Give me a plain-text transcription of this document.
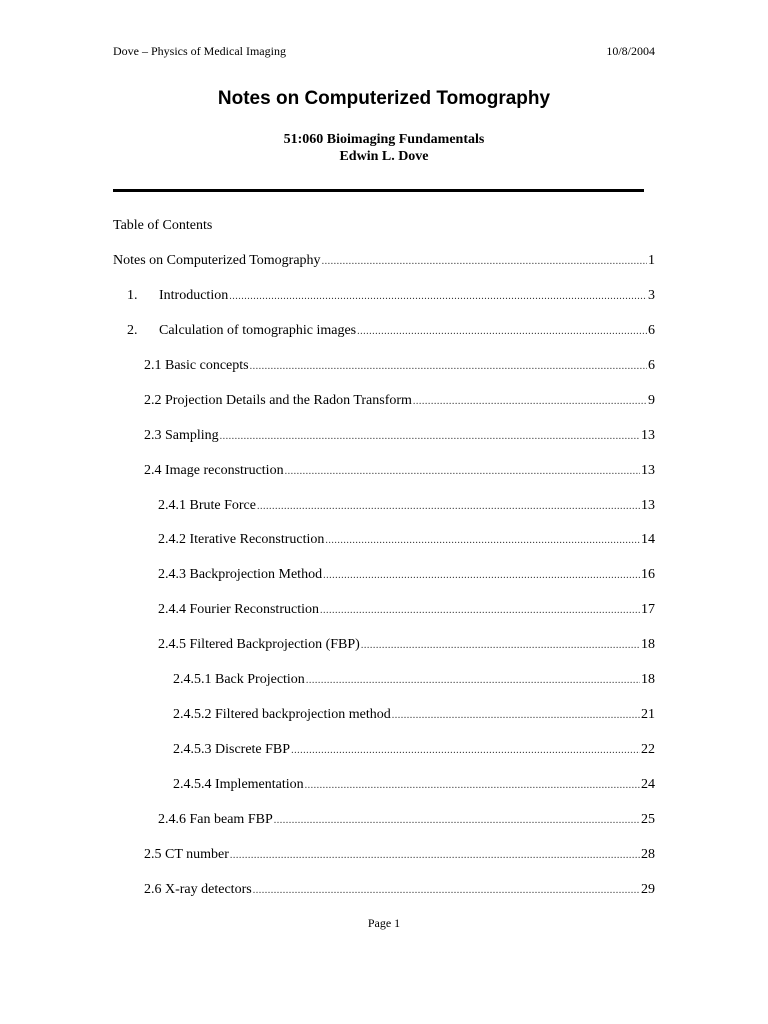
Dove – Physics of Medical Imaging	10/8/2004
Notes on Computerized Tomography
51:060 Bioimaging Fundamentals
Edwin L. Dove
Table of Contents
Notes on Computerized Tomography .....	1
1.	Introduction .....	3
2.	Calculation of tomographic images .....	6
2.1 Basic concepts .....	6
2.2 Projection Details and the Radon Transform .....	9
2.3 Sampling .....	13
2.4 Image reconstruction .....	13
2.4.1 Brute Force .....	13
2.4.2 Iterative Reconstruction .....	14
2.4.3 Backprojection Method .....	16
2.4.4 Fourier Reconstruction .....	17
2.4.5 Filtered Backprojection (FBP) .....	18
2.4.5.1 Back Projection .....	18
2.4.5.2 Filtered backprojection method .....	21
2.4.5.3 Discrete FBP .....	22
2.4.5.4 Implementation .....	24
2.4.6 Fan beam FBP .....	25
2.5 CT number .....	28
2.6 X-ray detectors .....	29
Page 1
